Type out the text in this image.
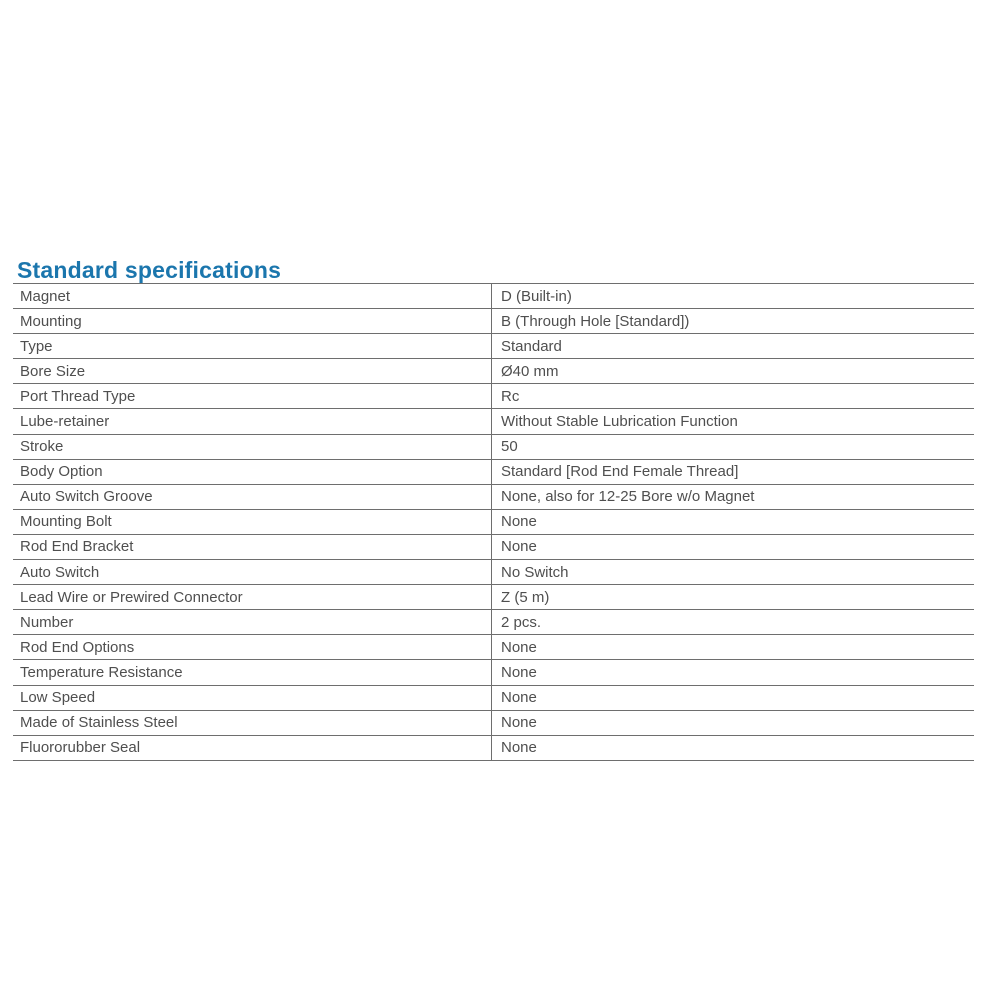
Standard specifications
Magnet	D (Built-in)
Mounting	B (Through Hole [Standard])
Type	Standard
Bore Size	Ø40 mm
Port Thread Type	Rc
Lube-retainer	Without Stable Lubrication Function
Stroke	50
Body Option	Standard [Rod End Female Thread]
Auto Switch Groove	None, also for 12-25 Bore w/o Magnet
Mounting Bolt	None
Rod End Bracket	None
Auto Switch	No Switch
Lead Wire or Prewired Connector	Z (5 m)
Number	2 pcs.
Rod End Options	None
Temperature Resistance	None
Low Speed	None
Made of Stainless Steel	None
Fluororubber Seal	None
